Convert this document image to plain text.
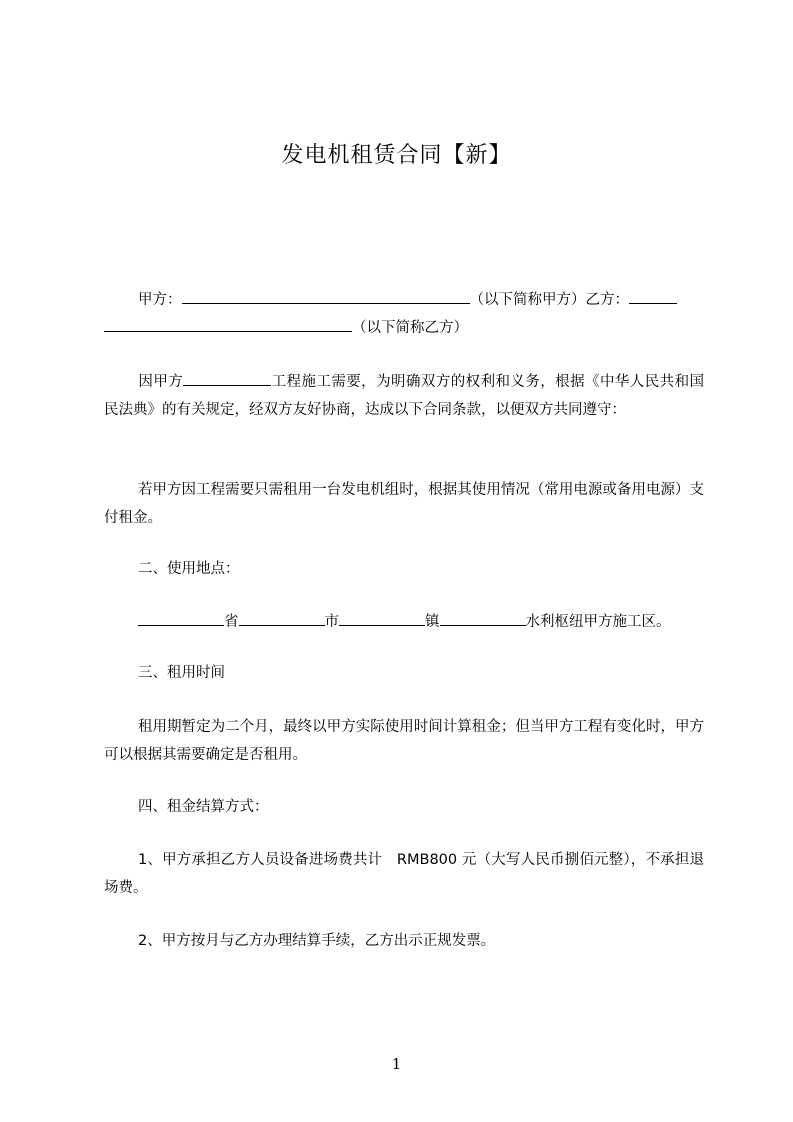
发电机租赁合同【新】
甲方：	（以下简称甲方）乙方：
（以下简称乙方）
因甲方	工程施工需要，为明确双方的权利和义务，根据《中华人民共和国民法典》的有关规定，经双方友好协商，达成以下合同条款，以便双方共同遵守：
若甲方因工程需要只需租用一台发电机组时，根据其使用情况（常用电源或备用电源）支付租金。
二、使用地点：
省	市	镇	水利枢纽甲方施工区。
三、租用时间
租用期暂定为二个月，最终以甲方实际使用时间计算租金；但当甲方工程有变化时，甲方可以根据其需要确定是否租用。
四、租金结算方式：
1、甲方承担乙方人员设备进场费共计　RMB800 元（大写人民币捌佰元整），不承担退场费。
2、甲方按月与乙方办理结算手续，乙方出示正规发票。
1
